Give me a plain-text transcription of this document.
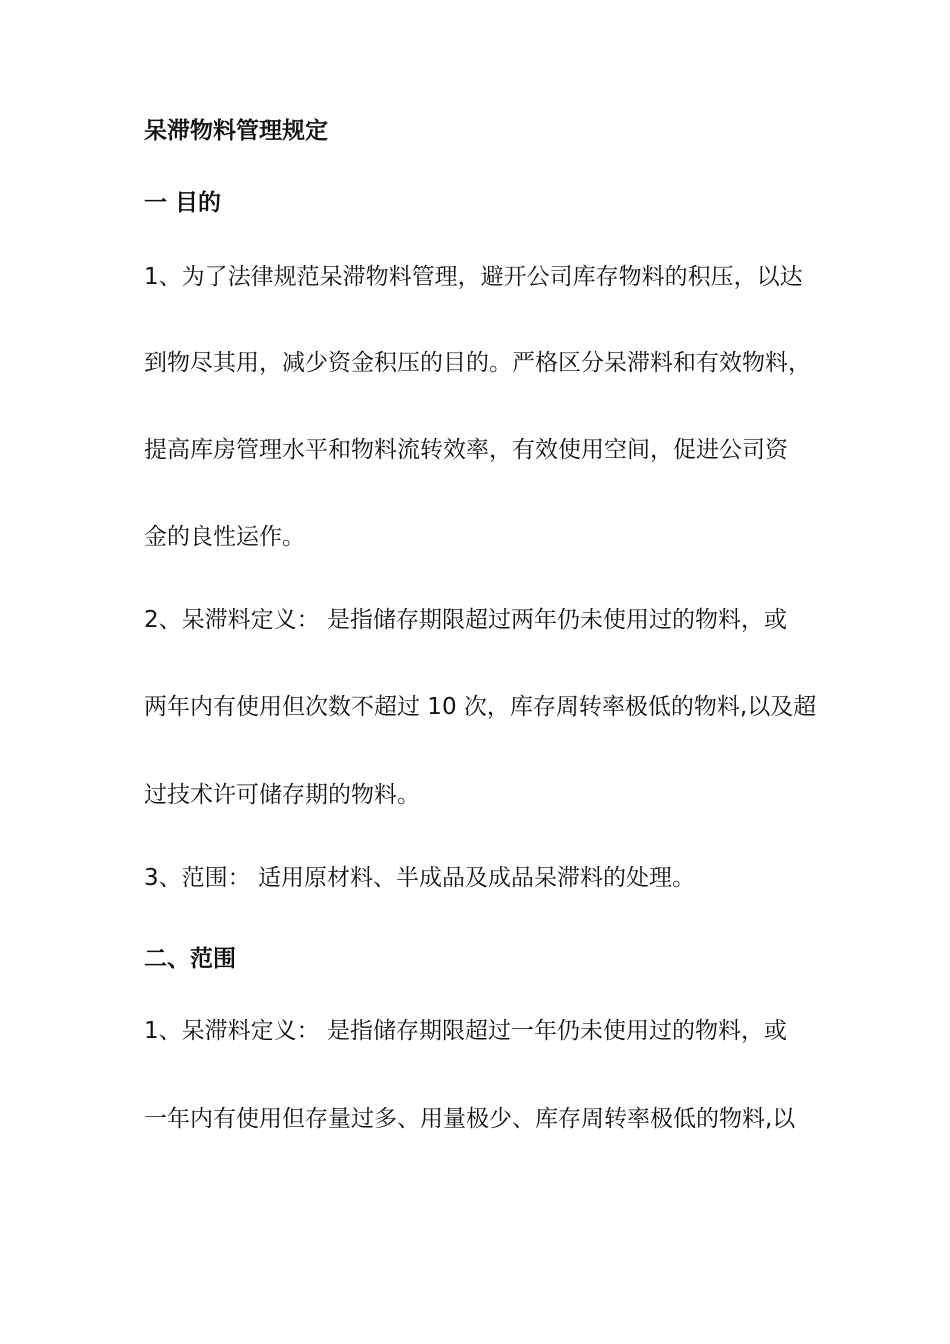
呆滞物料管理规定
一 目的
1、为了法律规范呆滞物料管理，避开公司库存物料的积压，以达
到物尽其用，减少资金积压的目的。严格区分呆滞料和有效物料，
提高库房管理水平和物料流转效率，有效使用空间，促进公司资
金的良性运作。
2、呆滞料定义： 是指储存期限超过两年仍未使用过的物料，或
两年内有使用但次数不超过 10 次，库存周转率极低的物料,以及超
过技术许可储存期的物料。
3、范围： 适用原材料、半成品及成品呆滞料的处理。
二、范围
1、呆滞料定义： 是指储存期限超过一年仍未使用过的物料，或
一年内有使用但存量过多、用量极少、库存周转率极低的物料,以
